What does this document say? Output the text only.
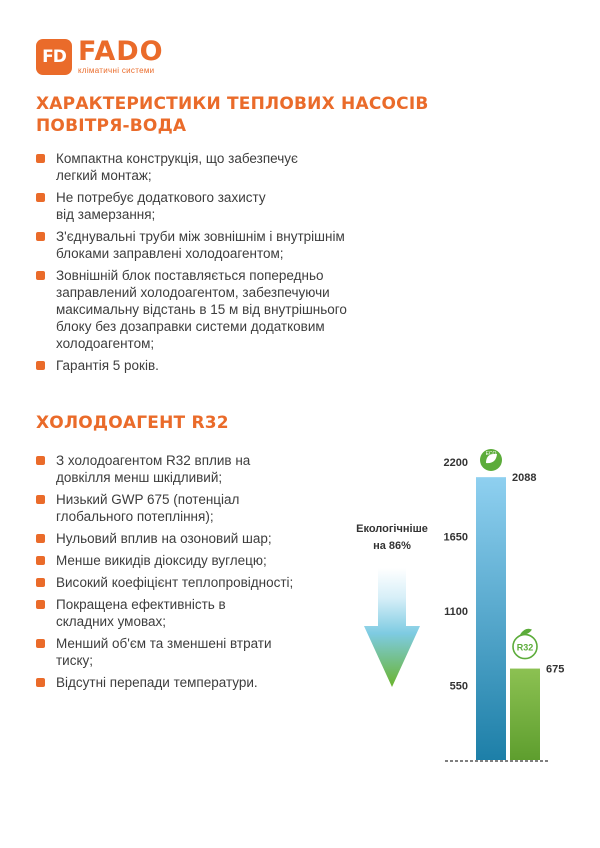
FD FADO
кліматичні системи
ХАРАКТЕРИСТИКИ ТЕПЛОВИХ НАСОСІВ
ПОВІТРЯ-ВОДА
Компактна конструкція, що забезпечує
легкий монтаж;
Не потребує додаткового захисту
від замерзання;
З'єднувальні труби між зовнішнім і внутрішнім
блоками заправлені холодоагентом;
Зовнішній блок поставляється попередньо
заправлений холодоагентом, забезпечуючи
максимальну відстань в 15 м від внутрішнього
блоку без дозаправки системи додатковим
холодоагентом;
Гарантія 5 років.
ХОЛОДОАГЕНТ R32
З холодоагентом R32 вплив на
довкілля менш шкідливий;
Низький GWP 675 (потенціал
глобального потепління);
Нульовий вплив на озоновий шар;
Менше викидів діоксиду вуглецю;
Високий коефіцієнт теплопровідності;
Покращена ефективність в
складних умовах;
Менший об'єм та зменшені втрати
тиску;
Відсутні перепади температури.	550
1100
1650
2200
2088
675
ECO
R32
Екологічніше
на 86%
